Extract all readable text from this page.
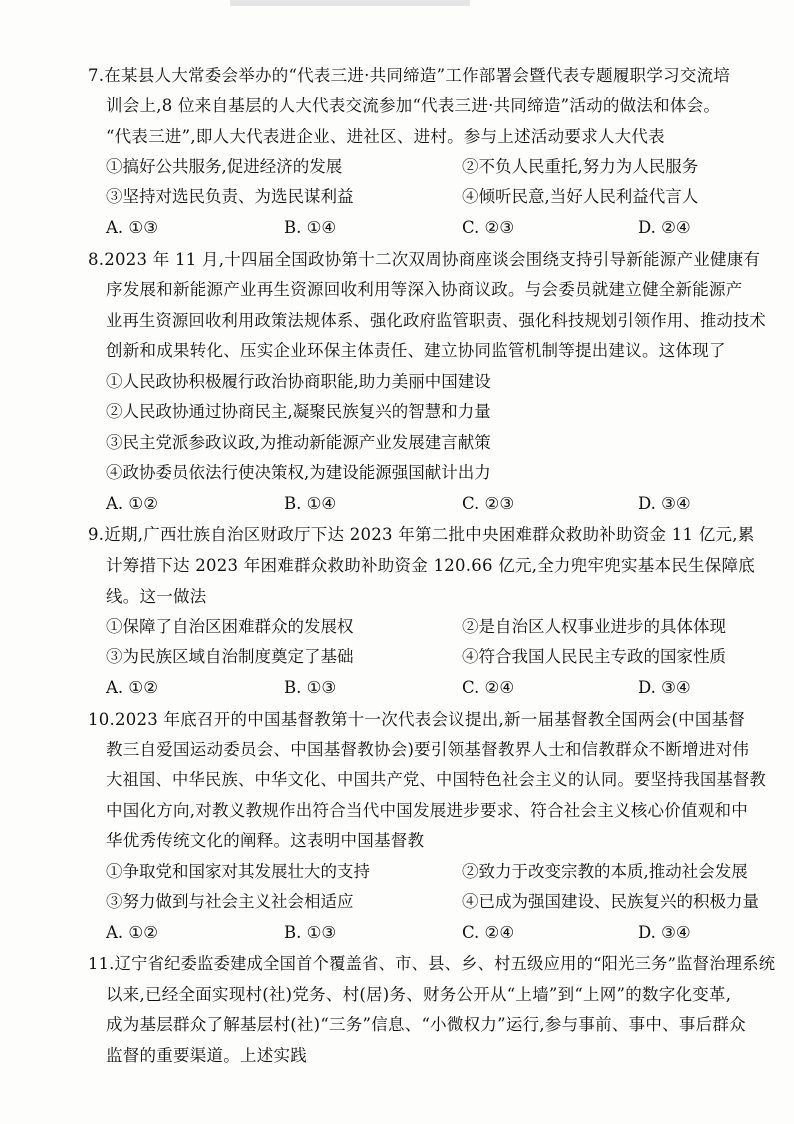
7.在某县人大常委会举办的“代表三进·共同缔造”工作部署会暨代表专题履职学习交流培
训会上,8 位来自基层的人大代表交流参加“代表三进·共同缔造”活动的做法和体会。
“代表三进”,即人大代表进企业、进社区、进村。参与上述活动要求人大代表
①搞好公共服务,促进经济的发展	②不负人民重托,努力为人民服务
③坚持对选民负责、为选民谋利益	④倾听民意,当好人民利益代言人
A. ①③	B. ①④	C. ②③	D. ②④
8.2023 年 11 月,十四届全国政协第十二次双周协商座谈会围绕支持引导新能源产业健康有
序发展和新能源产业再生资源回收利用等深入协商议政。与会委员就建立健全新能源产
业再生资源回收利用政策法规体系、强化政府监管职责、强化科技规划引领作用、推动技术
创新和成果转化、压实企业环保主体责任、建立协同监管机制等提出建议。这体现了
①人民政协积极履行政治协商职能,助力美丽中国建设
②人民政协通过协商民主,凝聚民族复兴的智慧和力量
③民主党派参政议政,为推动新能源产业发展建言献策
④政协委员依法行使决策权,为建设能源强国献计出力
A. ①②	B. ①④	C. ②③	D. ③④
9.近期,广西壮族自治区财政厅下达 2023 年第二批中央困难群众救助补助资金 11 亿元,累
计筹措下达 2023 年困难群众救助补助资金 120.66 亿元,全力兜牢兜实基本民生保障底
线。这一做法
①保障了自治区困难群众的发展权	②是自治区人权事业进步的具体体现
③为民族区域自治制度奠定了基础	④符合我国人民民主专政的国家性质
A. ①②	B. ①③	C. ②④	D. ③④
10.2023 年底召开的中国基督教第十一次代表会议提出,新一届基督教全国两会(中国基督
教三自爱国运动委员会、中国基督教协会)要引领基督教界人士和信教群众不断增进对伟
大祖国、中华民族、中华文化、中国共产党、中国特色社会主义的认同。要坚持我国基督教
中国化方向,对教义教规作出符合当代中国发展进步要求、符合社会主义核心价值观和中
华优秀传统文化的阐释。这表明中国基督教
①争取党和国家对其发展壮大的支持	②致力于改变宗教的本质,推动社会发展
③努力做到与社会主义社会相适应	④已成为强国建设、民族复兴的积极力量
A. ①②	B. ①③	C. ②④	D. ③④
11.辽宁省纪委监委建成全国首个覆盖省、市、县、乡、村五级应用的“阳光三务”监督治理系统
以来,已经全面实现村(社)党务、村(居)务、财务公开从“上墙”到“上网”的数字化变革,
成为基层群众了解基层村(社)“三务”信息、“小微权力”运行,参与事前、事中、事后群众
监督的重要渠道。上述实践
